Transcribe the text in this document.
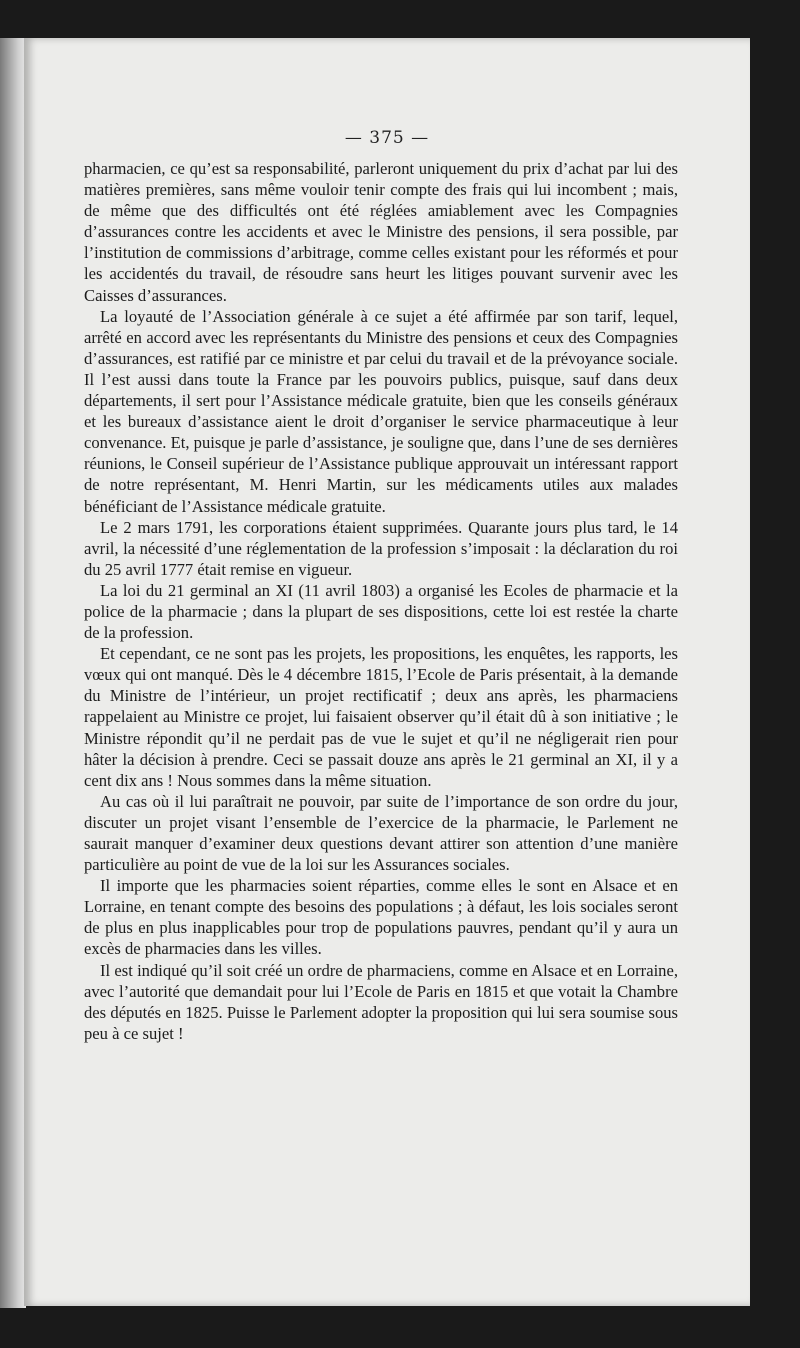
— 375 —

pharmacien, ce qu’est sa responsabilité, parleront uniquement du prix d’achat par lui des matières premières, sans même vouloir tenir compte des frais qui lui incombent ; mais, de même que des difficultés ont été réglées amiablement avec les Compagnies d’assurances contre les accidents et avec le Ministre des pensions, il sera possible, par l’institution de commissions d’arbitrage, comme celles existant pour les réformés et pour les accidentés du travail, de résoudre sans heurt les litiges pouvant survenir avec les Caisses d’assurances.

La loyauté de l’Association générale à ce sujet a été affirmée par son tarif, lequel, arrêté en accord avec les représentants du Ministre des pensions et ceux des Compagnies d’assurances, est ratifié par ce ministre et par celui du travail et de la prévoyance sociale. Il l’est aussi dans toute la France par les pouvoirs publics, puisque, sauf dans deux départements, il sert pour l’Assistance médicale gratuite, bien que les conseils généraux et les bureaux d’assistance aient le droit d’organiser le service pharmaceutique à leur convenance. Et, puisque je parle d’assistance, je souligne que, dans l’une de ses dernières réunions, le Conseil supérieur de l’Assistance publique approuvait un intéressant rapport de notre représentant, M. Henri Martin, sur les médicaments utiles aux malades bénéficiant de l’Assistance médicale gratuite.

Le 2 mars 1791, les corporations étaient supprimées. Quarante jours plus tard, le 14 avril, la nécessité d’une réglementation de la profession s’imposait : la déclaration du roi du 25 avril 1777 était remise en vigueur.

La loi du 21 germinal an XI (11 avril 1803) a organisé les Ecoles de pharmacie et la police de la pharmacie ; dans la plupart de ses dispositions, cette loi est restée la charte de la profession.

Et cependant, ce ne sont pas les projets, les propositions, les enquêtes, les rapports, les vœux qui ont manqué. Dès le 4 décembre 1815, l’Ecole de Paris présentait, à la demande du Ministre de l’intérieur, un projet rectificatif ; deux ans après, les pharmaciens rappelaient au Ministre ce projet, lui faisaient observer qu’il était dû à son initiative ; le Ministre répondit qu’il ne perdait pas de vue le sujet et qu’il ne négligerait rien pour hâter la décision à prendre. Ceci se passait douze ans après le 21 germinal an XI, il y a cent dix ans ! Nous sommes dans la même situation.

Au cas où il lui paraîtrait ne pouvoir, par suite de l’importance de son ordre du jour, discuter un projet visant l’ensemble de l’exercice de la pharmacie, le Parlement ne saurait manquer d’examiner deux questions devant attirer son attention d’une manière particulière au point de vue de la loi sur les Assurances sociales.

Il importe que les pharmacies soient réparties, comme elles le sont en Alsace et en Lorraine, en tenant compte des besoins des populations ; à défaut, les lois sociales seront de plus en plus inapplicables pour trop de populations pauvres, pendant qu’il y aura un excès de pharmacies dans les villes.

Il est indiqué qu’il soit créé un ordre de pharmaciens, comme en Alsace et en Lorraine, avec l’autorité que demandait pour lui l’Ecole de Paris en 1815 et que votait la Chambre des députés en 1825. Puisse le Parlement adopter la proposition qui lui sera soumise sous peu à ce sujet !
